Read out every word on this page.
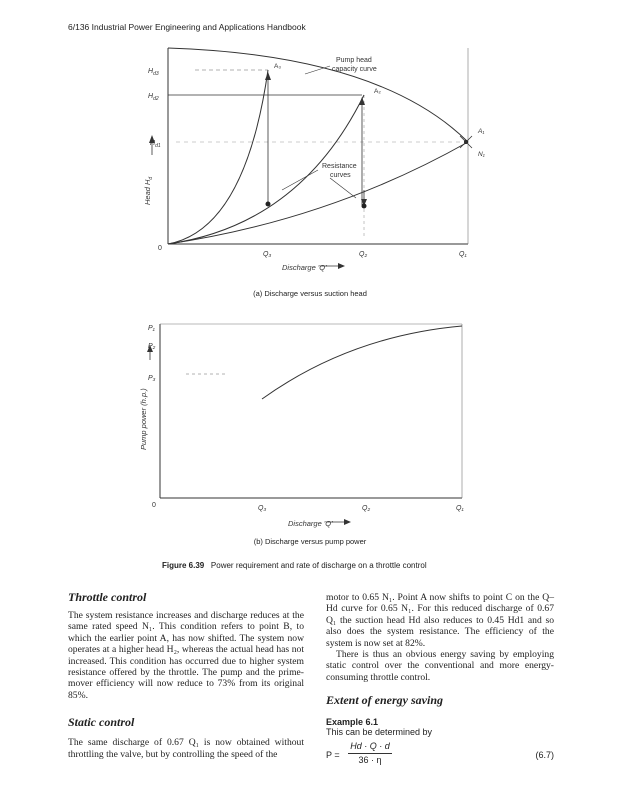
6/136 Industrial Power Engineering and Applications Handbook
$H_{d3}$
$H_{d2}$
$H_{d1}$
0
Q₃	Q₂	Q₁
Discharge 'Q'
Head $H_d$
Pump head
capacity curve
A₃
A₂
A₁
N₁
Resistance
curves
(a) Discharge versus suction head
P₁
P₂
P₃
0	Q₃	Q₂	Q₁
Discharge 'Q'
Pump power (h.p.)
(b) Discharge versus pump power
Figure 6.39 Power requirement and rate of discharge on a throttle control
Throttle control
The system resistance increases and discharge reduces at the same rated speed N₁. This condition refers to point B, to which the earlier point A, has now shifted. The system now operates at a higher head H₂, whereas the actual head has not increased. This condition has occurred due to higher system resistance offered by the throttle. The pump and the prime-mover efficiency will now reduce to 73% from its original 85%.
Static control
The same discharge of 0.67 Q₁ is now obtained without throttling the valve, but by controlling the speed of the
motor to 0.65 N₁. Point A now shifts to point C on the Q–Hd curve for 0.65 N₁. For this reduced discharge of 0.67 Q₁ the suction head Hd also reduces to 0.45 Hd1 and so also does the system resistance. The efficiency of the system is now set at 82%.
There is thus an obvious energy saving by employing static control over the conventional and more energy-consuming throttle control.
Extent of energy saving
Example 6.1
This can be determined by
P =
Hd · Q · d
36 · η	(6.7)
